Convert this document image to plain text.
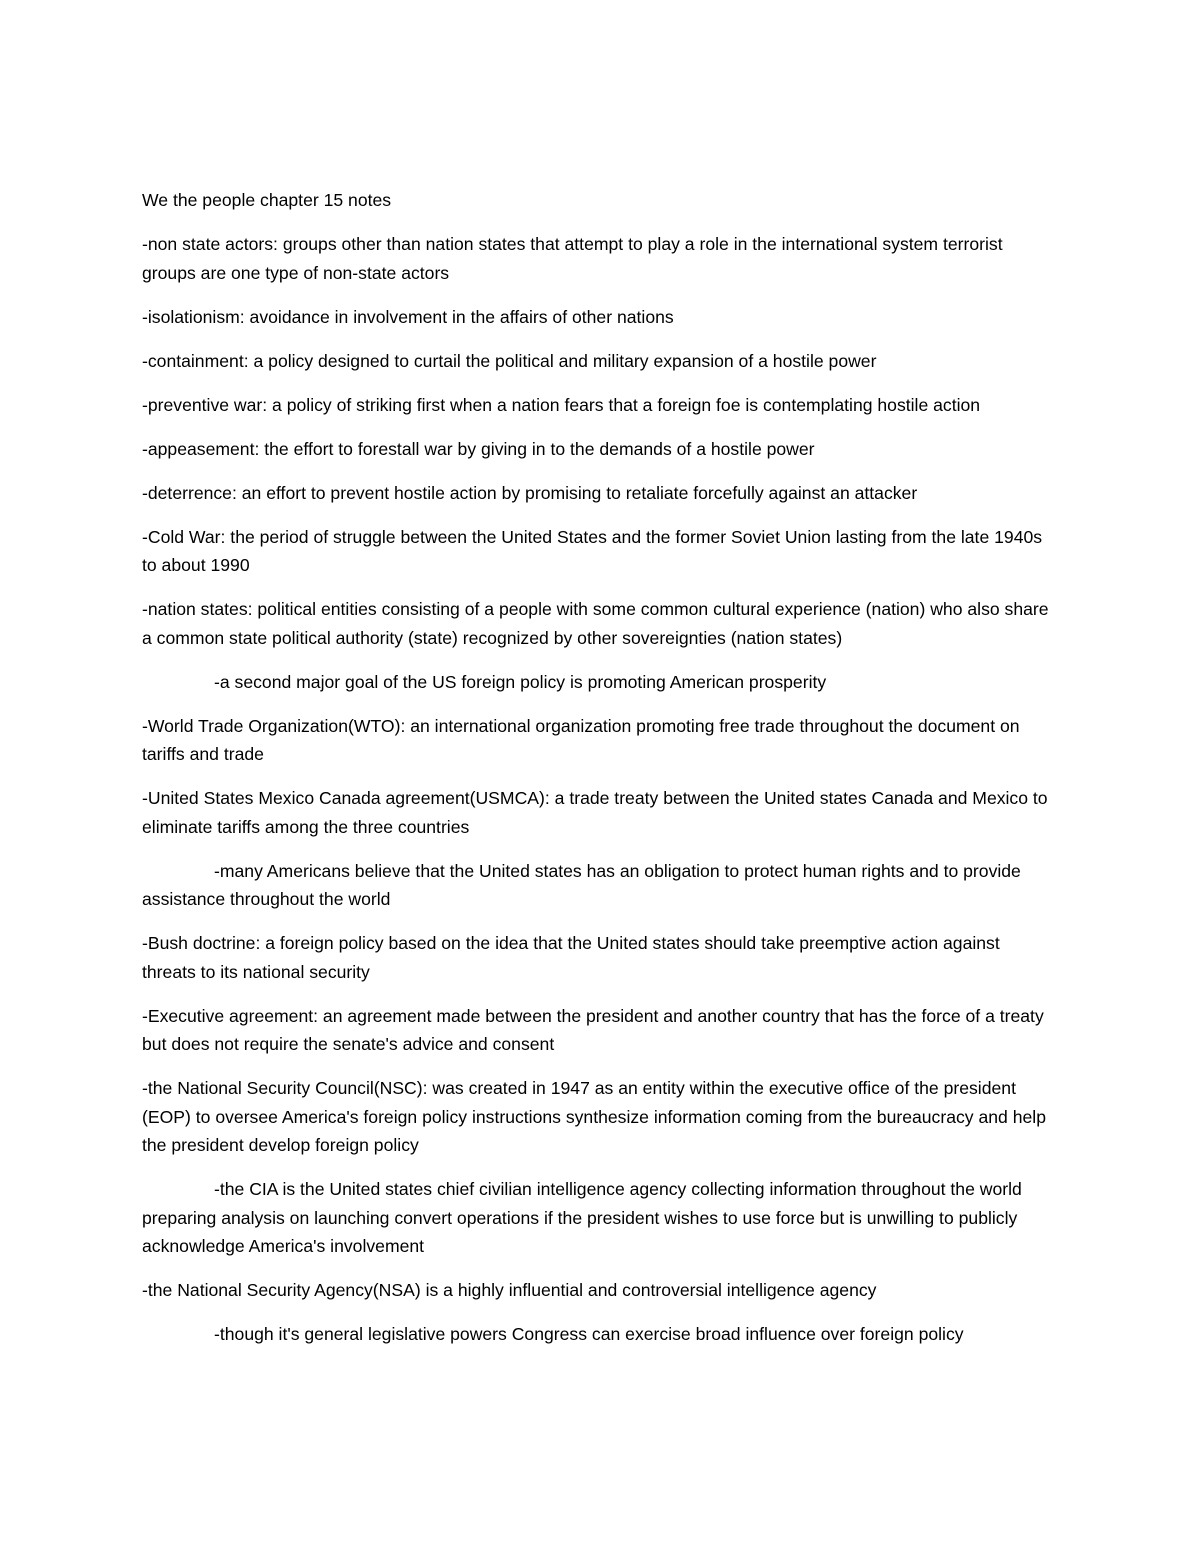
We the people chapter 15 notes

-non state actors: groups other than nation states that attempt to play a role in the international system terrorist groups are one type of non-state actors

-isolationism: avoidance in involvement in the affairs of other nations

-containment: a policy designed to curtail the political and military expansion of a hostile power

-preventive war: a policy of striking first when a nation fears that a foreign foe is contemplating hostile action

-appeasement: the effort to forestall war by giving in to the demands of a hostile power

-deterrence: an effort to prevent hostile action by promising to retaliate forcefully against an attacker

-Cold War: the period of struggle between the United States and the former Soviet Union lasting from the late 1940s to about 1990

-nation states: political entities consisting of a people with some common cultural experience (nation) who also share a common state political authority (state) recognized by other sovereignties (nation states)

-a second major goal of the US foreign policy is promoting American prosperity

-World Trade Organization(WTO): an international organization promoting free trade throughout the document on tariffs and trade

-United States Mexico Canada agreement(USMCA): a trade treaty between the United states Canada and Mexico to eliminate tariffs among the three countries

-many Americans believe that the United states has an obligation to protect human rights and to provide assistance throughout the world

-Bush doctrine: a foreign policy based on the idea that the United states should take preemptive action against threats to its national security

-Executive agreement: an agreement made between the president and another country that has the force of a treaty but does not require the senate's advice and consent

-the National Security Council(NSC): was created in 1947 as an entity within the executive office of the president (EOP) to oversee America's foreign policy instructions synthesize information coming from the bureaucracy and help the president develop foreign policy

-the CIA is the United states chief civilian intelligence agency collecting information throughout the world preparing analysis on launching convert operations if the president wishes to use force but is unwilling to publicly acknowledge America's involvement

-the National Security Agency(NSA) is a highly influential and controversial intelligence agency

-though it's general legislative powers Congress can exercise broad influence over foreign policy
